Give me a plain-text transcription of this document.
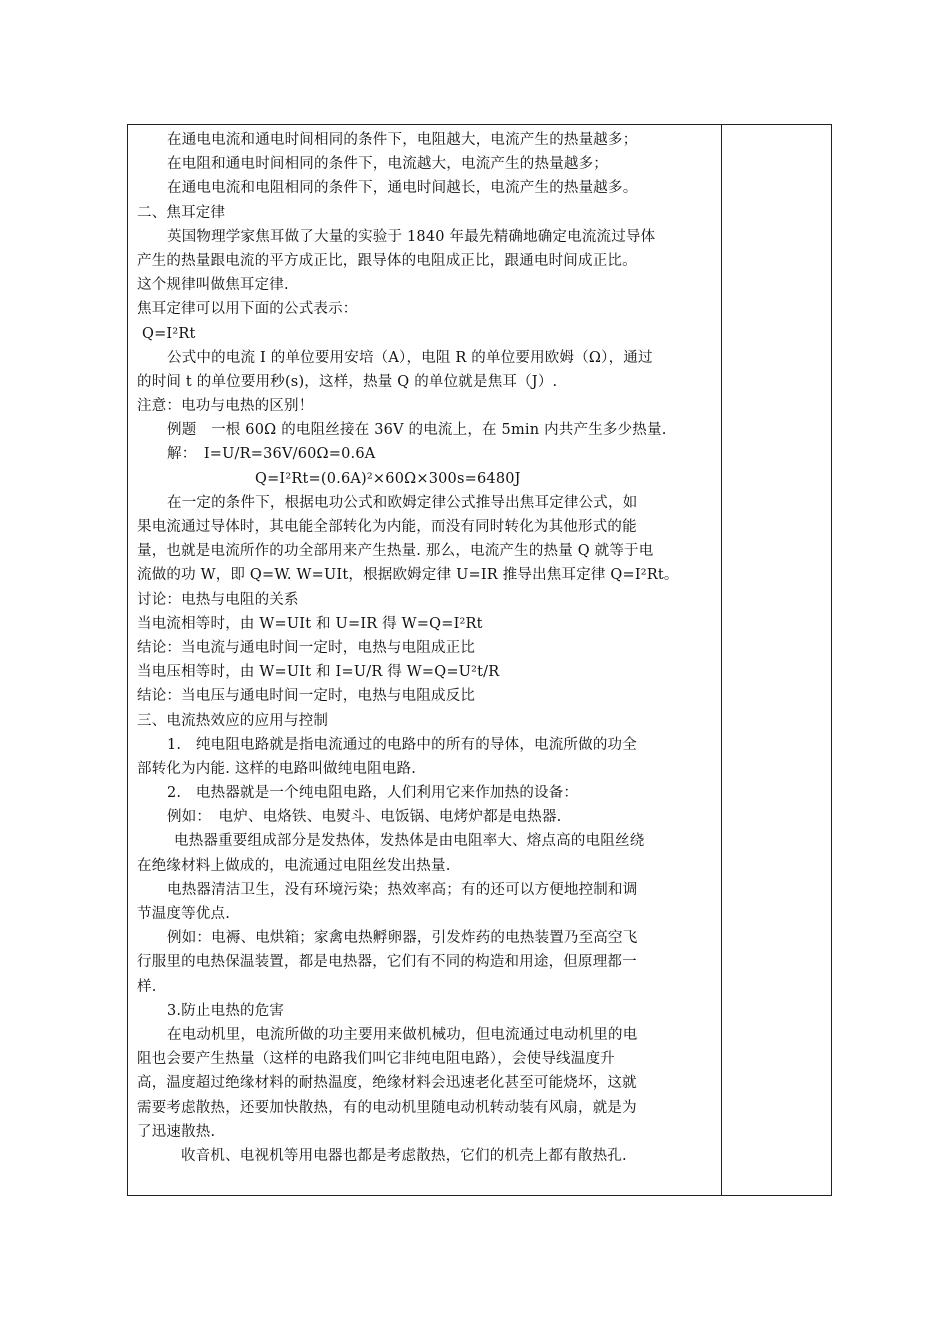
在通电电流和通电时间相同的条件下，电阻越大，电流产生的热量越多；
在电阻和通电时间相同的条件下，电流越大，电流产生的热量越多；
在通电电流和电阻相同的条件下，通电时间越长，电流产生的热量越多。
二、焦耳定律
英国物理学家焦耳做了大量的实验于 1840 年最先精确地确定电流流过导体
产生的热量跟电流的平方成正比，跟导体的电阻成正比，跟通电时间成正比。
这个规律叫做焦耳定律.
焦耳定律可以用下面的公式表示：
Q=I²Rt
公式中的电流 I 的单位要用安培（A），电阻 R 的单位要用欧姆（Ω），通过
的时间 t 的单位要用秒(s)，这样，热量 Q 的单位就是焦耳（J）.
注意：电功与电热的区别！
例题　一根 60Ω 的电阻丝接在 36V 的电流上，在 5min 内共产生多少热量.
解：　I=U/R=36V/60Ω=0.6A
Q=I²Rt=(0.6A)²×60Ω×300s=6480J
在一定的条件下，根据电功公式和欧姆定律公式推导出焦耳定律公式，如
果电流通过导体时，其电能全部转化为内能，而没有同时转化为其他形式的能
量，也就是电流所作的功全部用来产生热量. 那么，电流产生的热量 Q 就等于电
流做的功 W，即 Q=W. W=UIt，根据欧姆定律 U=IR 推导出焦耳定律 Q=I²Rt。
讨论：电热与电阻的关系
当电流相等时，由 W=UIt 和 U=IR 得 W=Q=I²Rt
结论：当电流与通电时间一定时，电热与电阻成正比
当电压相等时，由 W=UIt 和 I=U/R 得 W=Q=U²t/R
结论：当电压与通电时间一定时，电热与电阻成反比
三、电流热效应的应用与控制
1.　纯电阻电路就是指电流通过的电路中的所有的导体，电流所做的功全
部转化为内能. 这样的电路叫做纯电阻电路.
2.　电热器就是一个纯电阻电路，人们利用它来作加热的设备：
例如：　电炉、电烙铁、电熨斗、电饭锅、电烤炉都是电热器.
电热器重要组成部分是发热体，发热体是由电阻率大、熔点高的电阻丝绕
在绝缘材料上做成的，电流通过电阻丝发出热量.
电热器清洁卫生，没有环境污染；热效率高；有的还可以方便地控制和调
节温度等优点.
例如：电褥、电烘箱；家禽电热孵卵器，引发炸药的电热装置乃至高空飞
行服里的电热保温装置，都是电热器，它们有不同的构造和用途，但原理都一
样.
3.防止电热的危害
在电动机里，电流所做的功主要用来做机械功，但电流通过电动机里的电
阻也会要产生热量（这样的电路我们叫它非纯电阻电路），会使导线温度升
高，温度超过绝缘材料的耐热温度，绝缘材料会迅速老化甚至可能烧坏，这就
需要考虑散热，还要加快散热，有的电动机里随电动机转动装有风扇，就是为
了迅速散热.
收音机、电视机等用电器也都是考虑散热，它们的机壳上都有散热孔.
